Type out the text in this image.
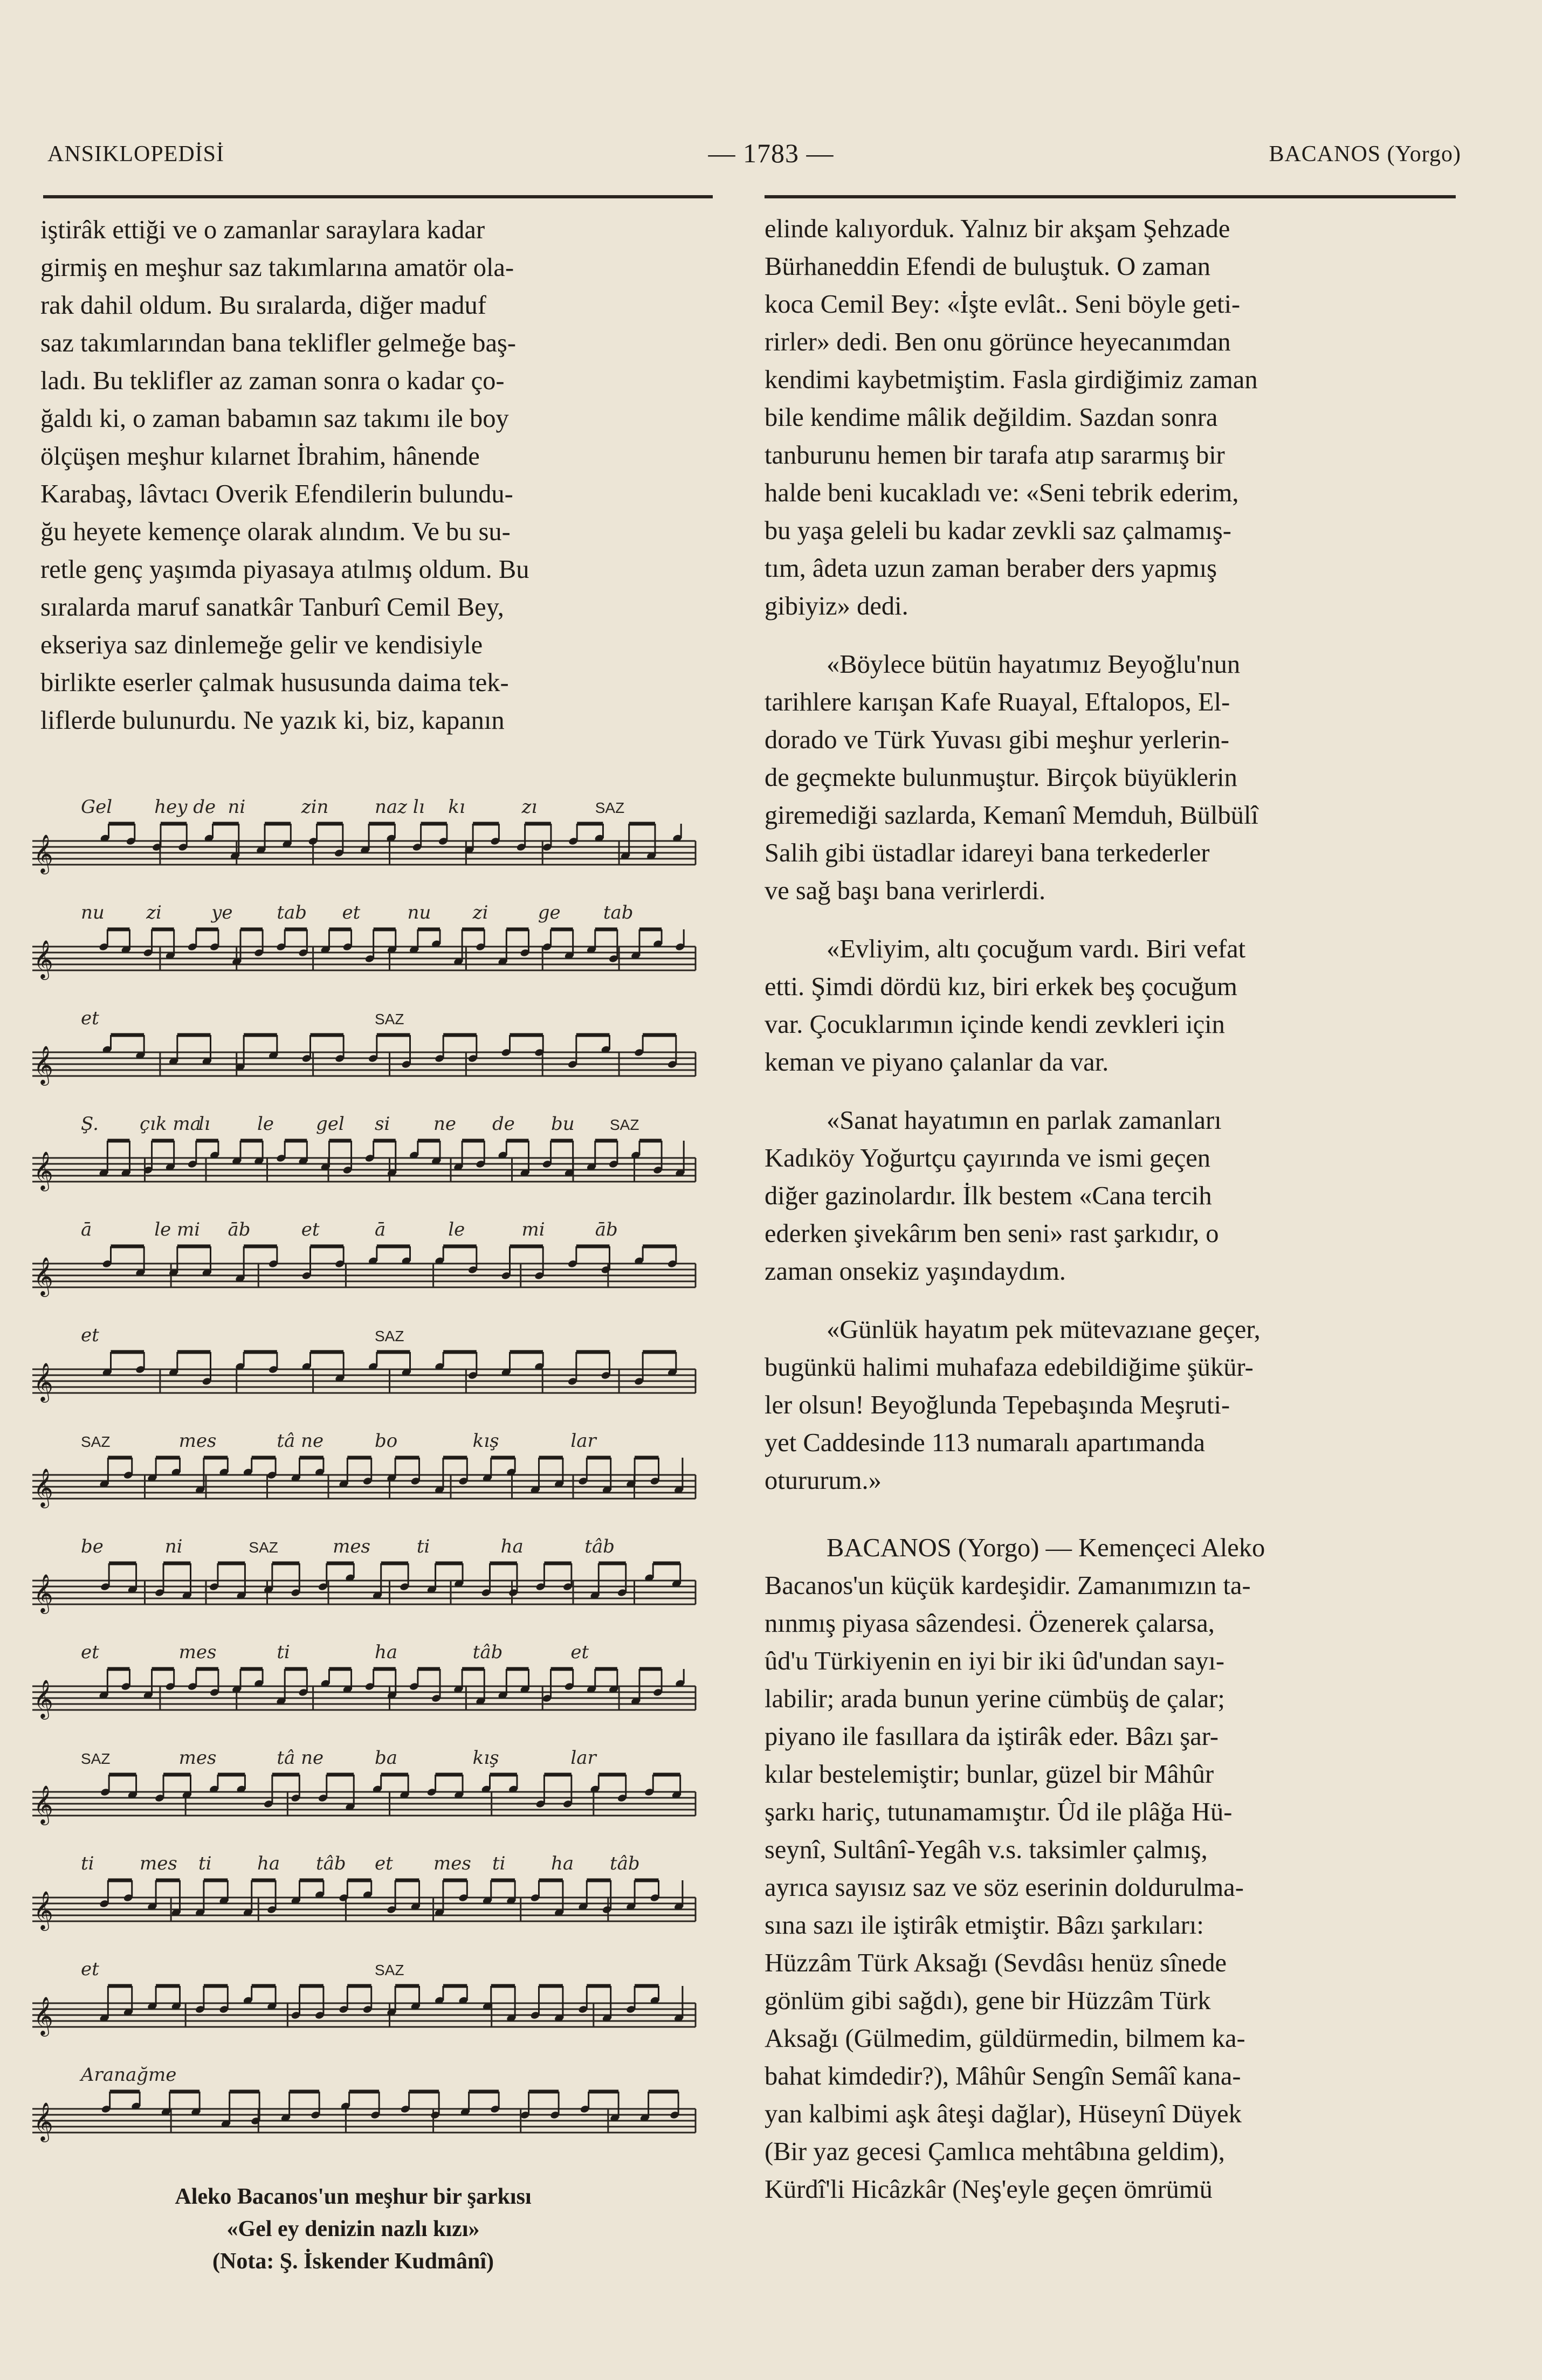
ANSIKLOPEDİSİ	— 1783 —	BACANOS (Yorgo)
iştirâk ettiği ve o zamanlar saraylara kadar
girmiş en meşhur saz takımlarına amatör ola-
rak dahil oldum. Bu sıralarda, diğer maduf
saz takımlarından bana teklifler gelmeğe baş-
ladı. Bu teklifler az zaman sonra o kadar ço-
ğaldı ki, o zaman babamın saz takımı ile boy
ölçüşen meşhur kılarnet İbrahim, hânende
Karabaş, lâvtacı Overik Efendilerin bulundu-
ğu heyete kemençe olarak alındım. Ve bu su-
retle genç yaşımda piyasaya atılmış oldum. Bu
sıralarda maruf sanatkâr Tanburî Cemil Bey,
ekseriya saz dinlemeğe gelir ve kendisiyle
birlikte eserler çalmak hususunda daima tek-
liflerde bulunurdu. Ne yazık ki, biz, kapanın
𝄞
Gel hey de ni	zin	naz lı kı	zı	SAZ
𝄞
nu zi	ye tab et	nu zi	ge tab
𝄞
et	SAZ
𝄞
Ş. çık ma
lı	le gel si ne de bu SAZ
𝄞
ā	le mi āb	et	ā	le	mi	āb
𝄞
et	SAZ
𝄞
SAZ	mes	tâ ne	bo	kış	lar
𝄞
be	ni	SAZ	mes	ti	ha	tâb
𝄞
et	mes	ti	ha	tâb	et
𝄞
SAZ	mes	tâ ne	ba	kış	lar
𝄞
ti mes ti ha tâb et mes ti ha tâb
𝄞
et	SAZ
𝄞
Aranağme
Aleko Bacanos'un meşhur bir şarkısı
«Gel ey denizin nazlı kızı»
(Nota: Ş. İskender Kudmânî)

elinde kalıyorduk. Yalnız bir akşam Şehzade
Bürhaneddin Efendi de buluştuk. O zaman
koca Cemil Bey: «İşte evlât.. Seni böyle geti-
rirler» dedi. Ben onu görünce heyecanımdan
kendimi kaybetmiştim. Fasla girdiğimiz zaman
bile kendime mâlik değildim. Sazdan sonra
tanburunu hemen bir tarafa atıp sararmış bir
halde beni kucakladı ve: «Seni tebrik ederim,
bu yaşa geleli bu kadar zevkli saz çalmamış-
tım, âdeta uzun zaman beraber ders yapmış
gibiyiz» dedi.

«Böylece bütün hayatımız Beyoğlu'nun
tarihlere karışan Kafe Ruayal, Eftalopos, El-
dorado ve Türk Yuvası gibi meşhur yerlerin-
de geçmekte bulunmuştur. Birçok büyüklerin
giremediği sazlarda, Kemanî Memduh, Bülbülî
Salih gibi üstadlar idareyi bana terkederler
ve sağ başı bana verirlerdi.

«Evliyim, altı çocuğum vardı. Biri vefat
etti. Şimdi dördü kız, biri erkek beş çocuğum
var. Çocuklarımın içinde kendi zevkleri için
keman ve piyano çalanlar da var.

«Sanat hayatımın en parlak zamanları
Kadıköy Yoğurtçu çayırında ve ismi geçen
diğer gazinolardır. İlk bestem «Cana tercih
ederken şivekârım ben seni» rast şarkıdır, o
zaman onsekiz yaşındaydım.

«Günlük hayatım pek mütevazıane geçer,
bugünkü halimi muhafaza edebildiğime şükür-
ler olsun! Beyoğlunda Tepebaşında Meşruti-
yet Caddesinde 113 numaralı apartımanda
otururum.»

BACANOS (Yorgo) — Kemençeci Aleko
Bacanos'un küçük kardeşidir. Zamanımızın ta-
nınmış piyasa sâzendesi. Özenerek çalarsa,
ûd'u Türkiyenin en iyi bir iki ûd'undan sayı-
labilir; arada bunun yerine cümbüş de çalar;
piyano ile fasıllara da iştirâk eder. Bâzı şar-
kılar bestelemiştir; bunlar, güzel bir Mâhûr
şarkı hariç, tutunamamıştır. Ûd ile plâğa Hü-
seynî, Sultânî-Yegâh v.s. taksimler çalmış,
ayrıca sayısız saz ve söz eserinin doldurulma-
sına sazı ile iştirâk etmiştir. Bâzı şarkıları:
Hüzzâm Türk Aksağı (Sevdâsı henüz sînede
gönlüm gibi sağdı), gene bir Hüzzâm Türk
Aksağı (Gülmedim, güldürmedin, bilmem ka-
bahat kimdedir?), Mâhûr Sengîn Semâî kana-
yan kalbimi aşk âteşi dağlar), Hüseynî Düyek
(Bir yaz gecesi Çamlıca mehtâbına geldim),
Kürdî'li Hicâzkâr (Neş'eyle geçen ömrümü
